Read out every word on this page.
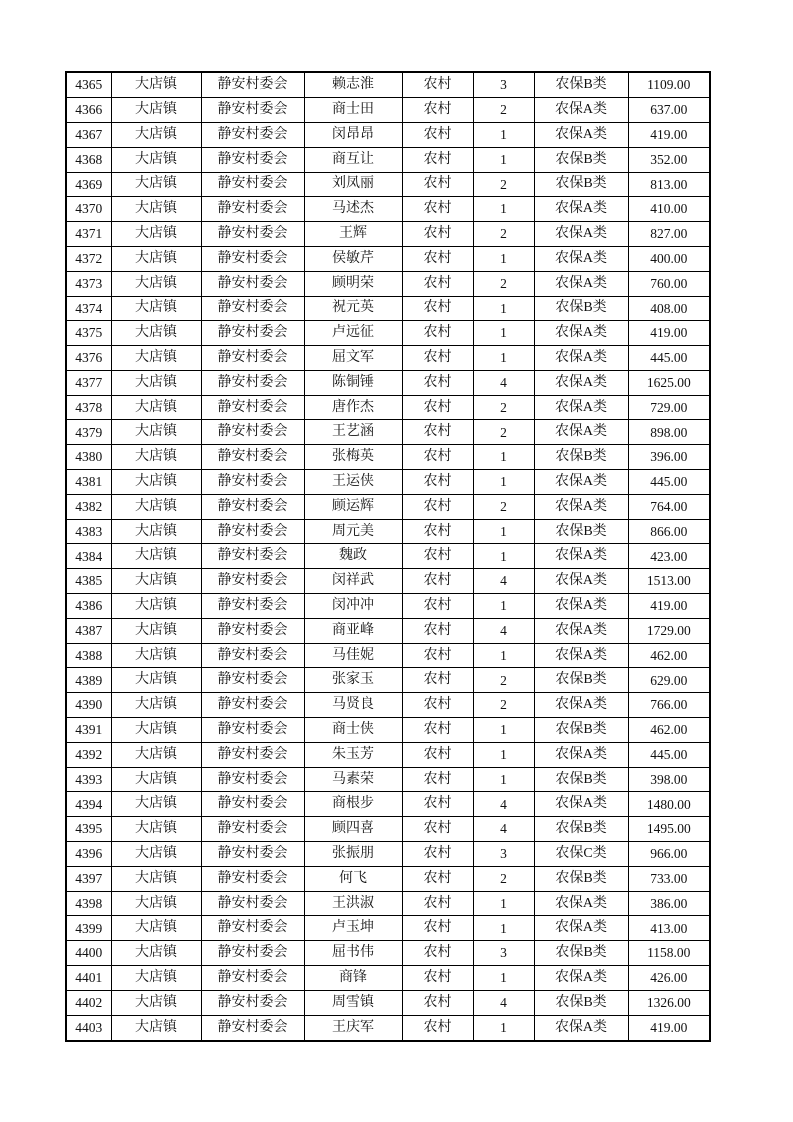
4365	大店镇	静安村委会	赖志淮	农村	3	农保B类	1109.00
4366	大店镇	静安村委会	商士田	农村	2	农保A类	637.00
4367	大店镇	静安村委会	闵昂昂	农村	1	农保A类	419.00
4368	大店镇	静安村委会	商互让	农村	1	农保B类	352.00
4369	大店镇	静安村委会	刘凤丽	农村	2	农保B类	813.00
4370	大店镇	静安村委会	马述杰	农村	1	农保A类	410.00
4371	大店镇	静安村委会	王辉	农村	2	农保A类	827.00
4372	大店镇	静安村委会	侯敏芹	农村	1	农保A类	400.00
4373	大店镇	静安村委会	顾明荣	农村	2	农保A类	760.00
4374	大店镇	静安村委会	祝元英	农村	1	农保B类	408.00
4375	大店镇	静安村委会	卢远征	农村	1	农保A类	419.00
4376	大店镇	静安村委会	屈文军	农村	1	农保A类	445.00
4377	大店镇	静安村委会	陈铜锤	农村	4	农保A类	1625.00
4378	大店镇	静安村委会	唐作杰	农村	2	农保A类	729.00
4379	大店镇	静安村委会	王艺涵	农村	2	农保A类	898.00
4380	大店镇	静安村委会	张梅英	农村	1	农保B类	396.00
4381	大店镇	静安村委会	王运侠	农村	1	农保A类	445.00
4382	大店镇	静安村委会	顾运辉	农村	2	农保A类	764.00
4383	大店镇	静安村委会	周元美	农村	1	农保B类	866.00
4384	大店镇	静安村委会	魏政	农村	1	农保A类	423.00
4385	大店镇	静安村委会	闵祥武	农村	4	农保A类	1513.00
4386	大店镇	静安村委会	闵冲冲	农村	1	农保A类	419.00
4387	大店镇	静安村委会	商亚峰	农村	4	农保A类	1729.00
4388	大店镇	静安村委会	马佳妮	农村	1	农保A类	462.00
4389	大店镇	静安村委会	张家玉	农村	2	农保B类	629.00
4390	大店镇	静安村委会	马贤良	农村	2	农保A类	766.00
4391	大店镇	静安村委会	商士侠	农村	1	农保B类	462.00
4392	大店镇	静安村委会	朱玉芳	农村	1	农保A类	445.00
4393	大店镇	静安村委会	马素荣	农村	1	农保B类	398.00
4394	大店镇	静安村委会	商根步	农村	4	农保A类	1480.00
4395	大店镇	静安村委会	顾四喜	农村	4	农保B类	1495.00
4396	大店镇	静安村委会	张振朋	农村	3	农保C类	966.00
4397	大店镇	静安村委会	何飞	农村	2	农保B类	733.00
4398	大店镇	静安村委会	王洪淑	农村	1	农保A类	386.00
4399	大店镇	静安村委会	卢玉坤	农村	1	农保A类	413.00
4400	大店镇	静安村委会	屈书伟	农村	3	农保B类	1158.00
4401	大店镇	静安村委会	商锋	农村	1	农保A类	426.00
4402	大店镇	静安村委会	周雪镇	农村	4	农保B类	1326.00
4403	大店镇	静安村委会	王庆军	农村	1	农保A类	419.00
